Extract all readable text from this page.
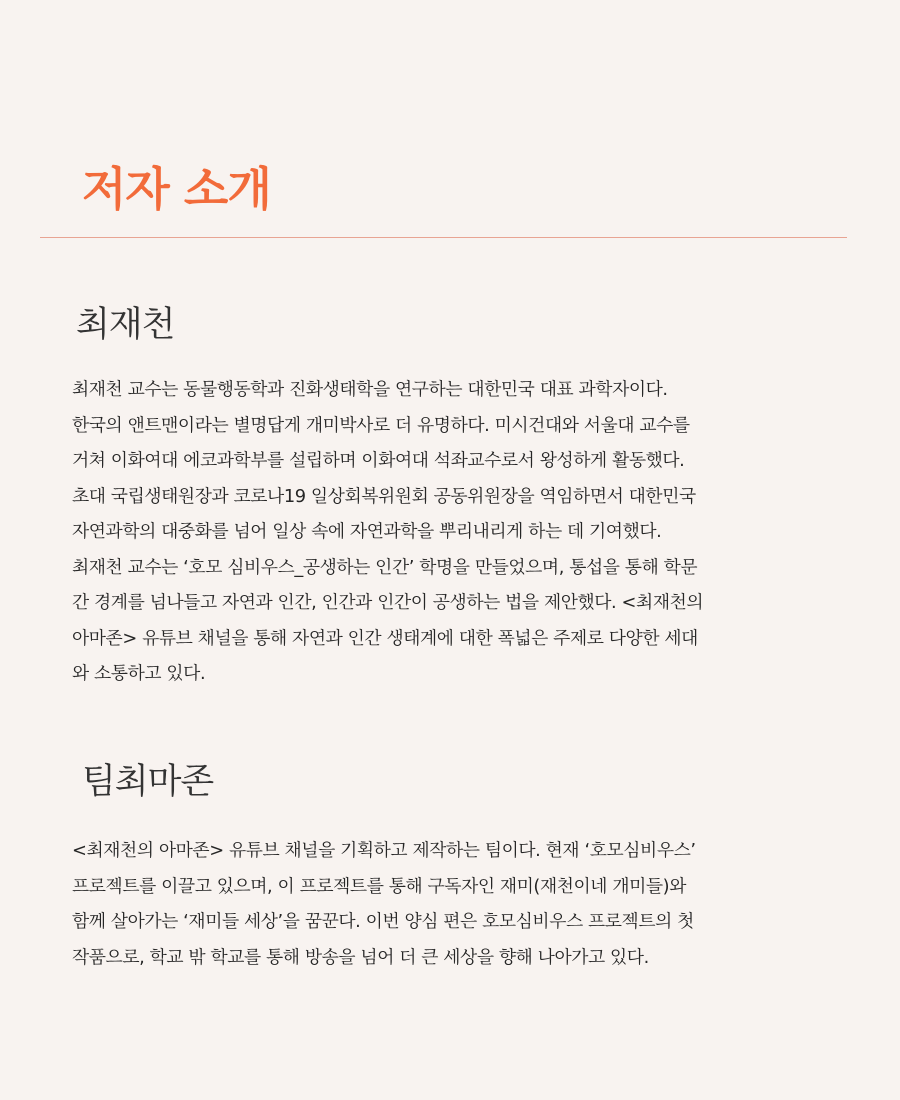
저자 소개
최재천

최재천 교수는 동물행동학과 진화생태학을 연구하는 대한민국 대표 과학자이다.
한국의 앤트맨이라는 별명답게 개미박사로 더 유명하다. 미시건대와 서울대 교수를
거쳐 이화여대 에코과학부를 설립하며 이화여대 석좌교수로서 왕성하게 활동했다.
초대 국립생태원장과 코로나19 일상회복위원회 공동위원장을 역임하면서 대한민국
자연과학의 대중화를 넘어 일상 속에 자연과학을 뿌리내리게 하는 데 기여했다.
최재천 교수는 ‘호모 심비우스_공생하는 인간’ 학명을 만들었으며, 통섭을 통해 학문
간 경계를 넘나들고 자연과 인간, 인간과 인간이 공생하는 법을 제안했다. <최재천의
아마존> 유튜브 채널을 통해 자연과 인간 생태계에 대한 폭넓은 주제로 다양한 세대
와 소통하고 있다.

팀최마존

<최재천의 아마존> 유튜브 채널을 기획하고 제작하는 팀이다. 현재 ‘호모심비우스’
프로젝트를 이끌고 있으며, 이 프로젝트를 통해 구독자인 재미(재천이네 개미들)와
함께 살아가는 ‘재미들 세상’을 꿈꾼다. 이번 양심 편은 호모심비우스 프로젝트의 첫
작품으로, 학교 밖 학교를 통해 방송을 넘어 더 큰 세상을 향해 나아가고 있다.
